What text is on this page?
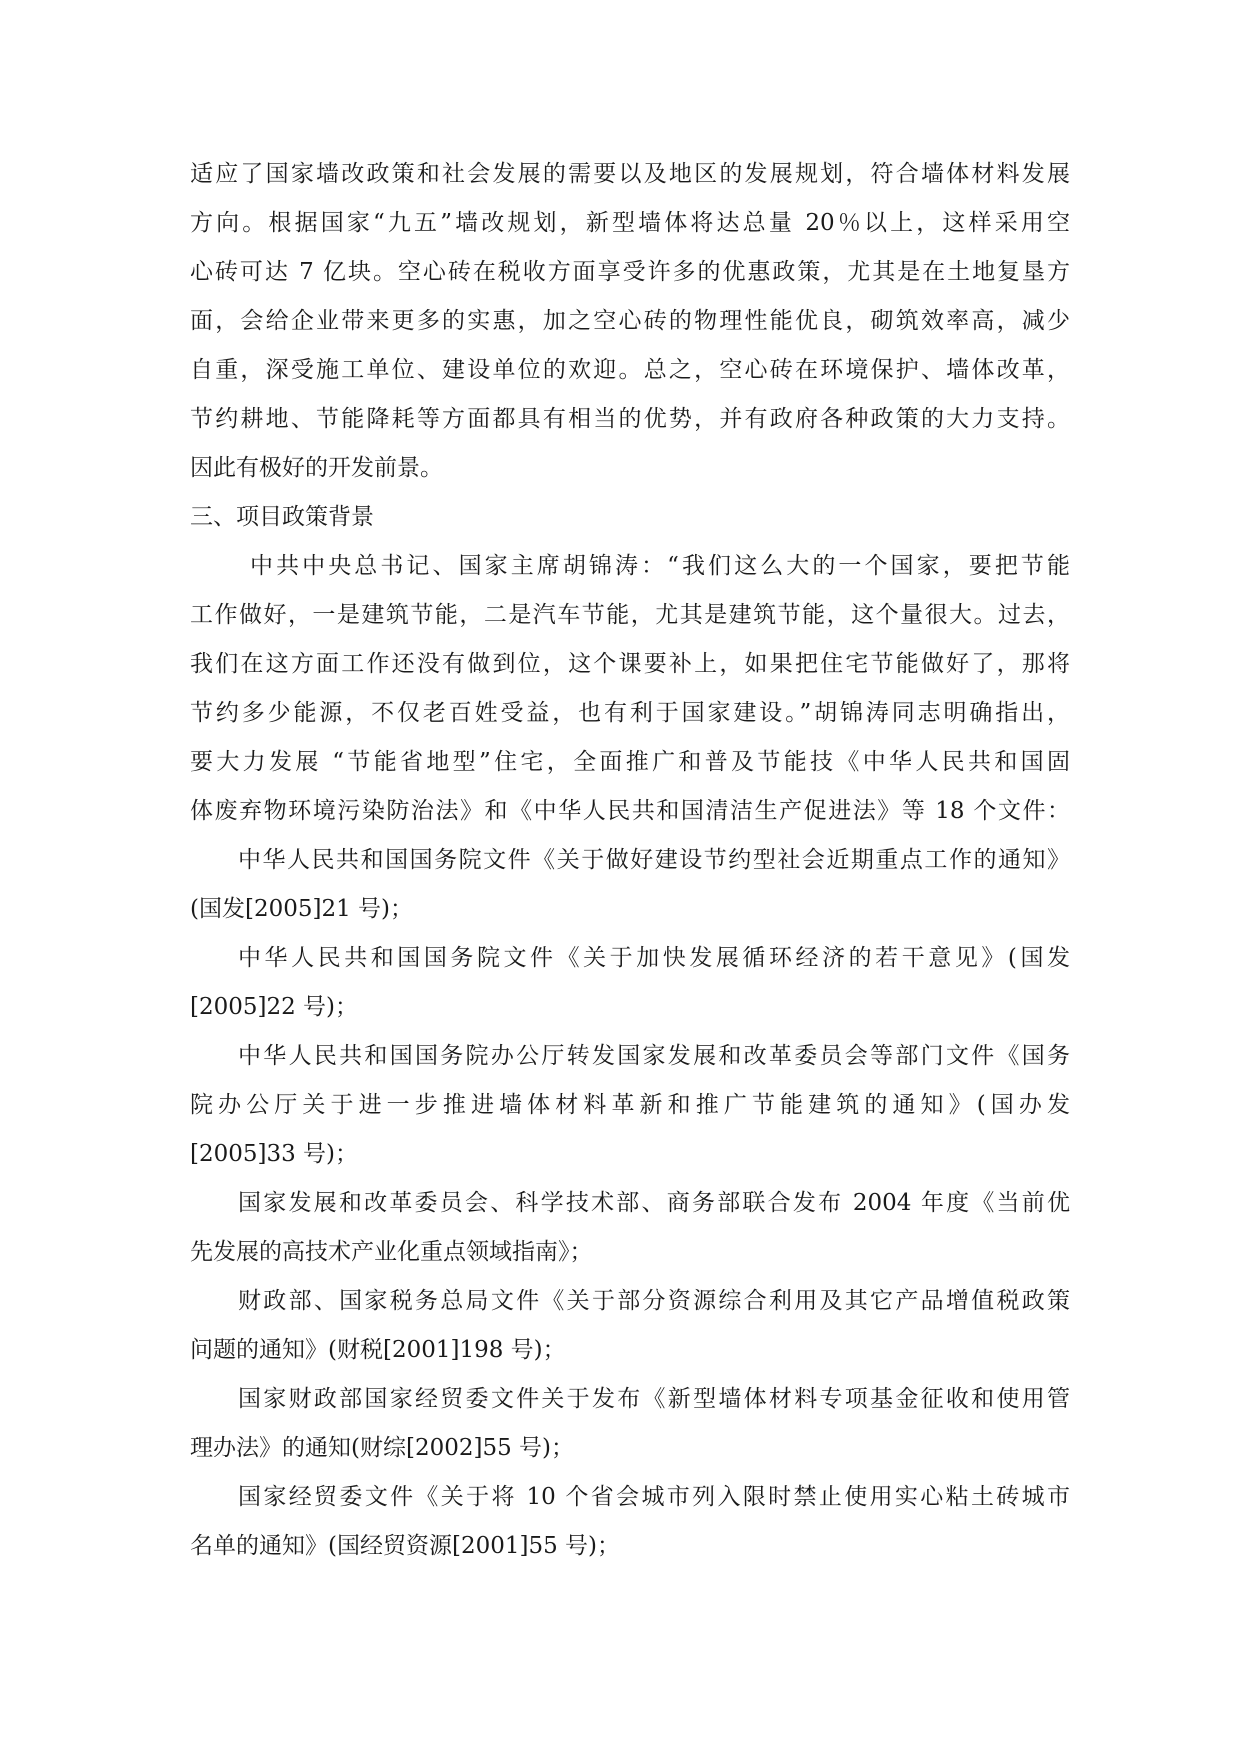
适应了国家墙改政策和社会发展的需要以及地区的发展规划，符合墙体材料发展
方向。根据国家“九五”墙改规划，新型墙体将达总量 20％以上，这样采用空
心砖可达 7 亿块。空心砖在税收方面享受许多的优惠政策，尤其是在土地复垦方
面，会给企业带来更多的实惠，加之空心砖的物理性能优良，砌筑效率高，减少
自重，深受施工单位、建设单位的欢迎。总之，空心砖在环境保护、墙体改革，
节约耕地、节能降耗等方面都具有相当的优势，并有政府各种政策的大力支持。
因此有极好的开发前景。
三、项目政策背景
中共中央总书记、国家主席胡锦涛：“我们这么大的一个国家，要把节能
工作做好，一是建筑节能，二是汽车节能，尤其是建筑节能，这个量很大。过去，
我们在这方面工作还没有做到位，这个课要补上，如果把住宅节能做好了，那将
节约多少能源，不仅老百姓受益，也有利于国家建设。”胡锦涛同志明确指出，
要大力发展 “节能省地型”住宅，全面推广和普及节能技《中华人民共和国固
体废弃物环境污染防治法》和《中华人民共和国清洁生产促进法》等 18 个文件：
中华人民共和国国务院文件《关于做好建设节约型社会近期重点工作的通知》
(国发[2005]21 号)；
中华人民共和国国务院文件《关于加快发展循环经济的若干意见》(国发
[2005]22 号)；
中华人民共和国国务院办公厅转发国家发展和改革委员会等部门文件《国务
院办公厅关于进一步推进墙体材料革新和推广节能建筑的通知》(国办发
[2005]33 号)；
国家发展和改革委员会、科学技术部、商务部联合发布 2004 年度《当前优
先发展的高技术产业化重点领域指南》；
财政部、国家税务总局文件《关于部分资源综合利用及其它产品增值税政策
问题的通知》(财税[2001]198 号)；
国家财政部国家经贸委文件关于发布《新型墙体材料专项基金征收和使用管
理办法》的通知(财综[2002]55 号)；
国家经贸委文件《关于将 10 个省会城市列入限时禁止使用实心粘土砖城市
名单的通知》(国经贸资源[2001]55 号)；
